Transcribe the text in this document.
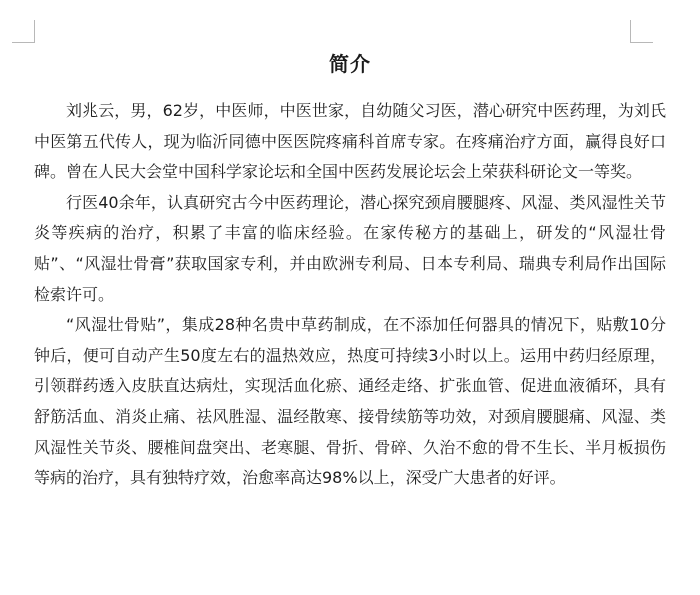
简介

刘兆云，男，62岁，中医师，中医世家，自幼随父习医，潜心研究中医药理，为刘氏中医第五代传人，现为临沂同德中医医院疼痛科首席专家。在疼痛治疗方面，赢得良好口碑。曾在人民大会堂中国科学家论坛和全国中医药发展论坛会上荣获科研论文一等奖。

行医40余年，认真研究古今中医药理论，潜心探究颈肩腰腿疼、风湿、类风湿性关节炎等疾病的治疗，积累了丰富的临床经验。在家传秘方的基础上，研发的“风湿壮骨贴”、“风湿壮骨膏”获取国家专利，并由欧洲专利局、日本专利局、瑞典专利局作出国际检索许可。

“风湿壮骨贴”，集成28种名贵中草药制成，在不添加任何器具的情况下，贴敷10分钟后，便可自动产生50度左右的温热效应，热度可持续3小时以上。运用中药归经原理，引领群药透入皮肤直达病灶，实现活血化瘀、通经走络、扩张血管、促进血液循环，具有舒筋活血、消炎止痛、祛风胜湿、温经散寒、接骨续筋等功效，对颈肩腰腿痛、风湿、类风湿性关节炎、腰椎间盘突出、老寒腿、骨折、骨碎、久治不愈的骨不生长、半月板损伤等病的治疗，具有独特疗效，治愈率高达98%以上，深受广大患者的好评。
